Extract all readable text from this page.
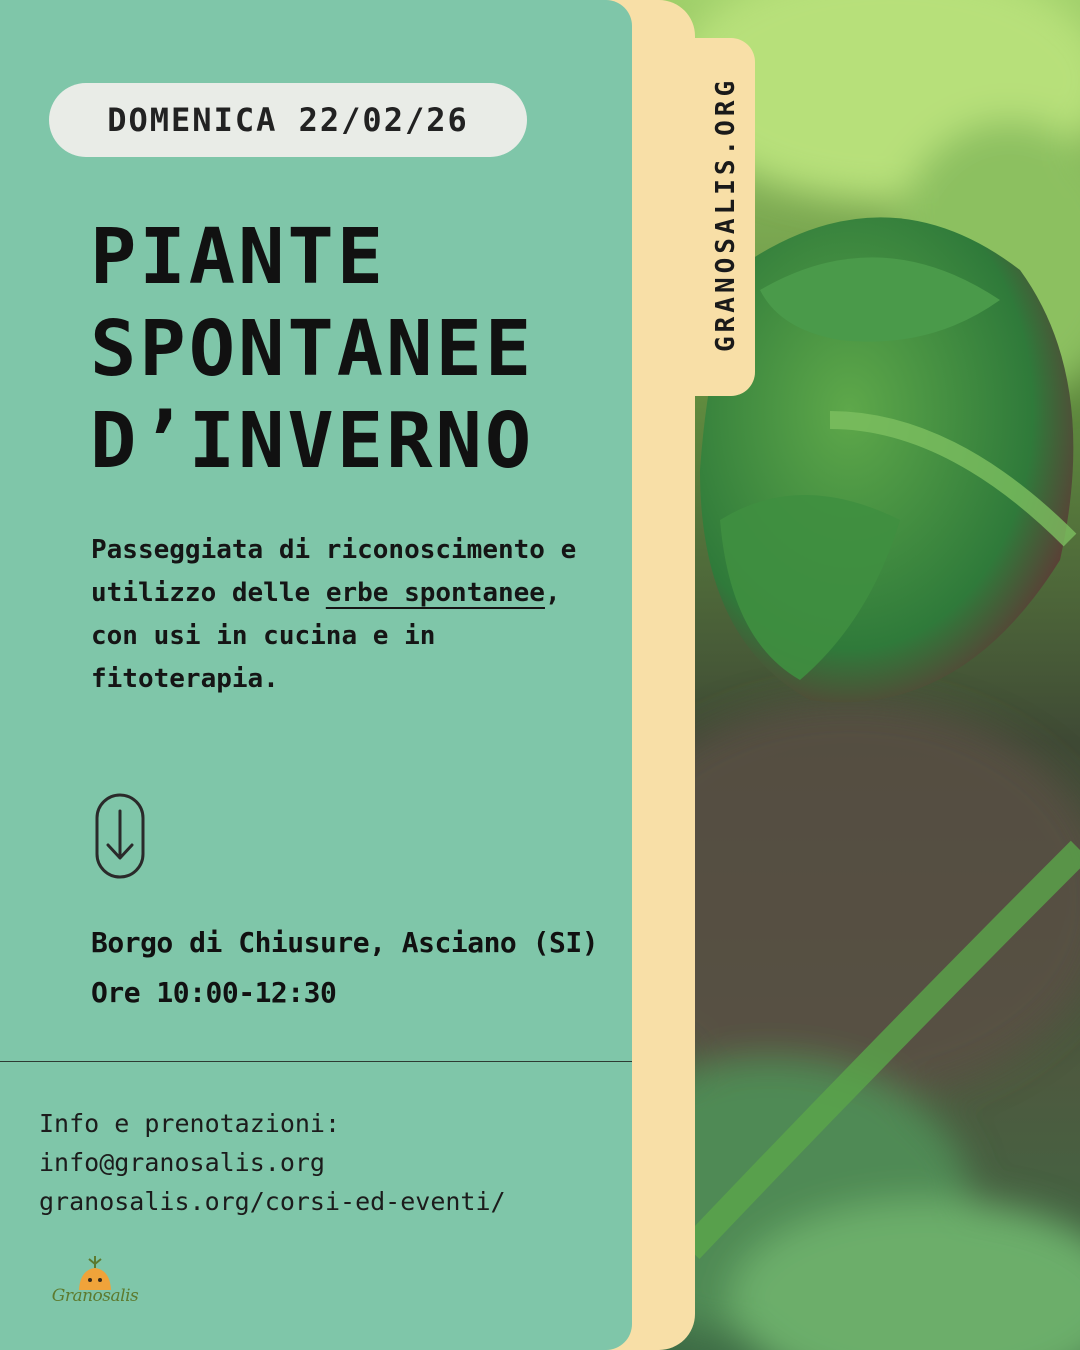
GRANOSALIS.ORG
DOMENICA 22/02/26
PIANTE
SPONTANEE
D’INVERNO

Passeggiata di riconoscimento e utilizzo delle erbe spontanee, con usi in cucina e in fitoterapia.

Borgo di Chiusure, Asciano (SI)
Ore 10:00-12:30

Info e prenotazioni:
info@granosalis.org
granosalis.org/corsi-ed-eventi/

Granosalis
